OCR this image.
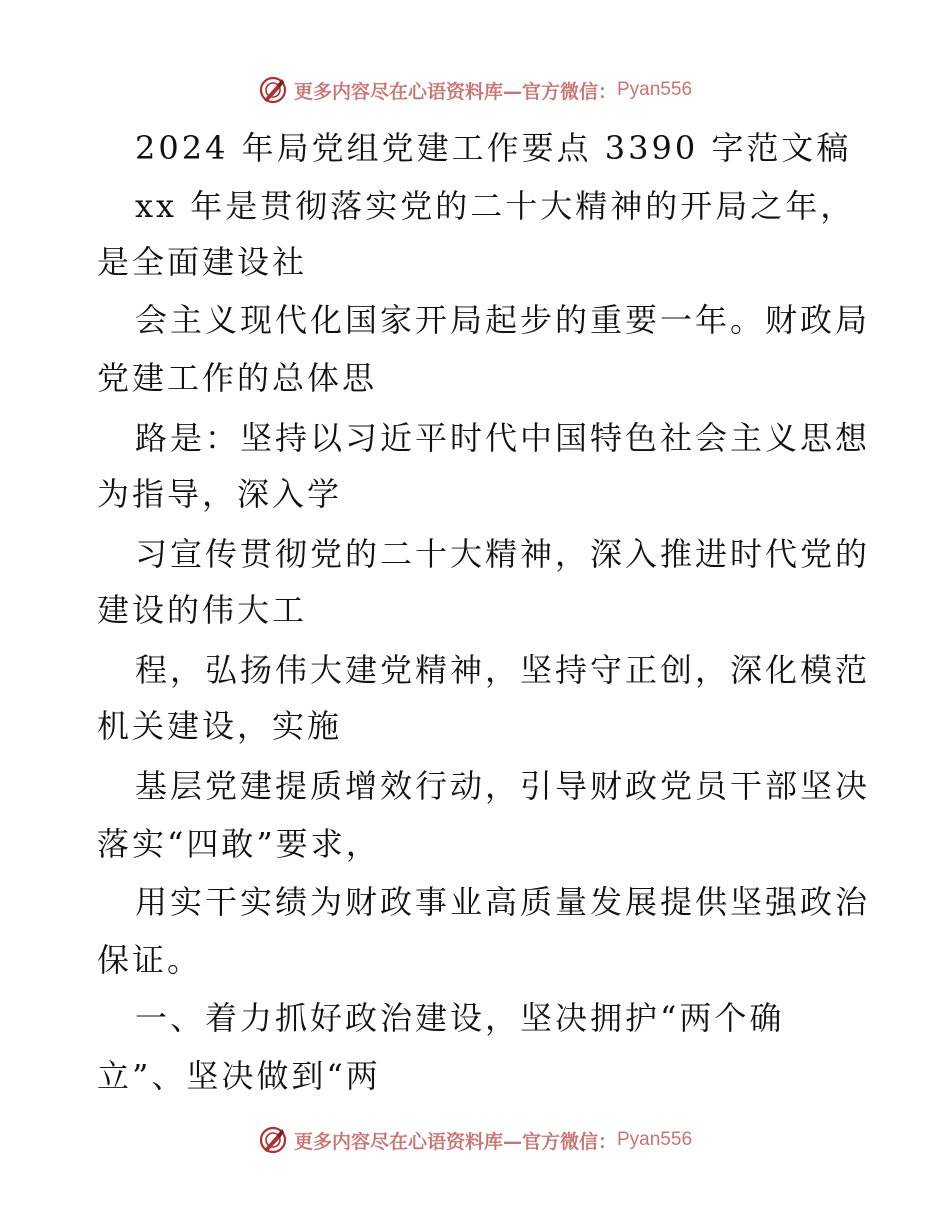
更多内容尽在心语资料库—官方微信： Pyan556
2024 年局党组党建工作要点 3390 字范文稿
xx 年是贯彻落实党的二十大精神的开局之年，
是全面建设社
会主义现代化国家开局起步的重要一年。财政局
党建工作的总体思
路是：坚持以习近平时代中国特色社会主义思想
为指导，深入学
习宣传贯彻党的二十大精神，深入推进时代党的
建设的伟大工
程，弘扬伟大建党精神，坚持守正创，深化模范
机关建设，实施
基层党建提质增效行动，引导财政党员干部坚决
落实“四敢”要求，
用实干实绩为财政事业高质量发展提供坚强政治
保证。
一、着力抓好政治建设，坚决拥护“两个确
立”、坚决做到“两
更多内容尽在心语资料库—官方微信： Pyan556
